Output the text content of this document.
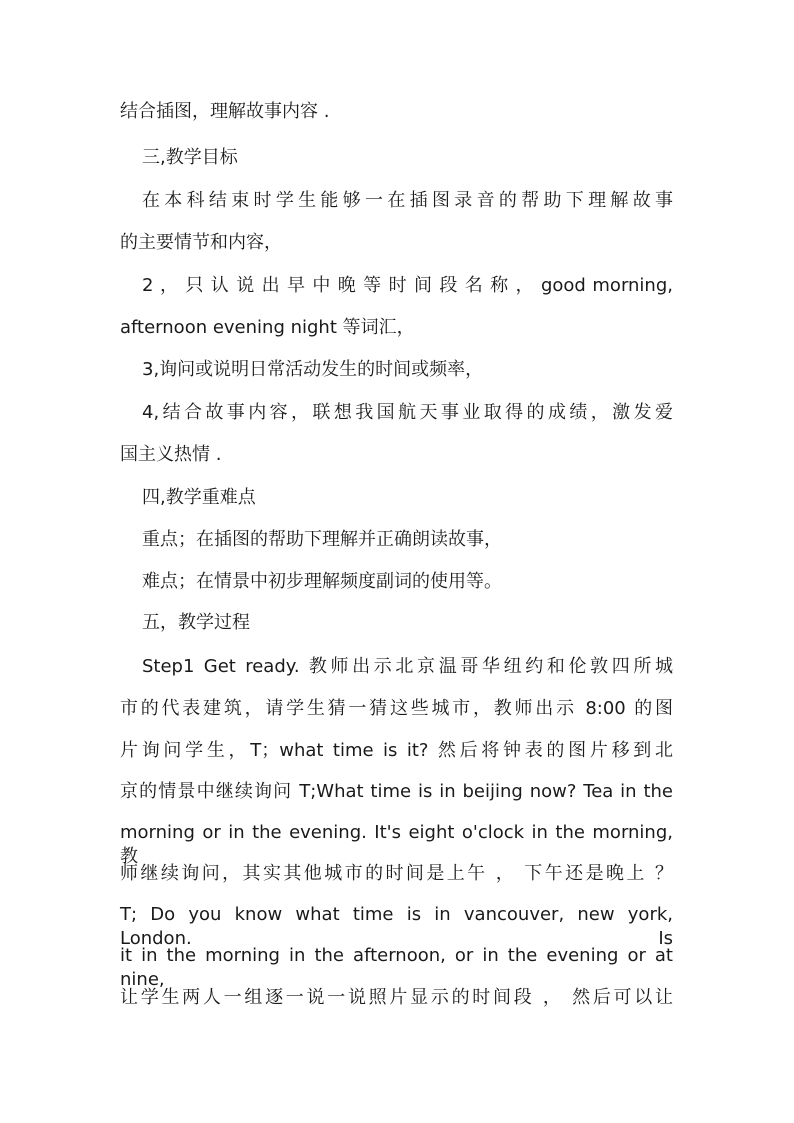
结合插图，理解故事内容 .
三,教学目标
在本科结束时学生能够一在插图录音的帮助下理解故事
的主要情节和内容，
2 ， 只 认 说 出 早 中 晚 等 时 间 段 名 称 ， good morning,
afternoon evening night 等词汇，
3,询问或说明日常活动发生的时间或频率，
4,结合故事内容，联想我国航天事业取得的成绩，激发爱
国主义热情 .
四,教学重难点
重点；在插图的帮助下理解并正确朗读故事，
难点；在情景中初步理解频度副词的使用等。
五，教学过程
Step1 Get ready. 教师出示北京温哥华纽约和伦敦四所城
市的代表建筑，请学生猜一猜这些城市，教师出示 8:00 的图
片询问学生，T；what time is it? 然后将钟表的图片移到北
京的情景中继续询问 T;What time is in beijing now? Tea in the
morning or in the evening. It's eight o'clock in the morning, 教
师继续询问，其实其他城市的时间是上午 ， 下午还是晚上 ？
T; Do you know what time is in vancouver, new york, London. Is
it in the morning in the afternoon, or in the evening or at nine,
让学生两人一组逐一说一说照片显示的时间段 ， 然后可以让
